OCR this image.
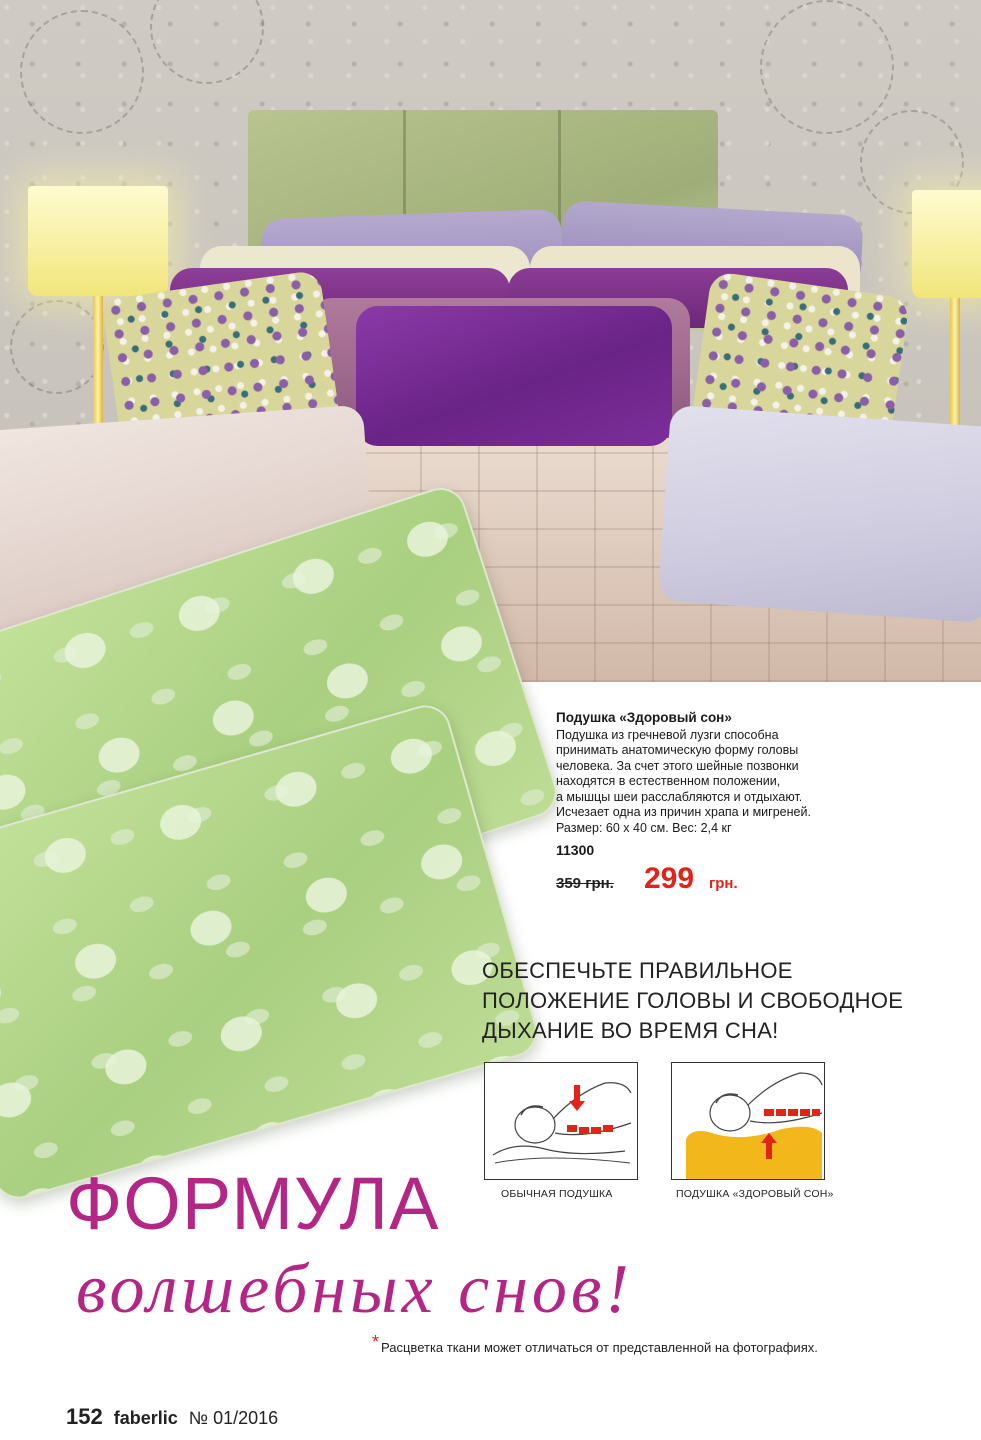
Подушка «Здоровый сон»
Подушка из гречневой лузги способна
принимать анатомическую форму головы
человека. За счет этого шейные позвонки
находятся в естественном положении,
а мышцы шеи расслабляются и отдыхают.
Исчезает одна из причин храпа и мигреней.
Размер: 60 х 40 см. Вес: 2,4 кг
11300
359 грн. 299 грн.
ОБЕСПЕЧЬТЕ ПРАВИЛЬНОЕ
ПОЛОЖЕНИЕ ГОЛОВЫ И СВОБОДНОЕ
ДЫХАНИЕ ВО ВРЕМЯ СНА!
ОБЫЧНАЯ ПОДУШКА	ПОДУШКА «ЗДОРОВЫЙ СОН»
ФОРМУЛА
волшебных снов!
* Расцветка ткани может отличаться от представленной на фотографиях.
152 faberlic № 01/2016
